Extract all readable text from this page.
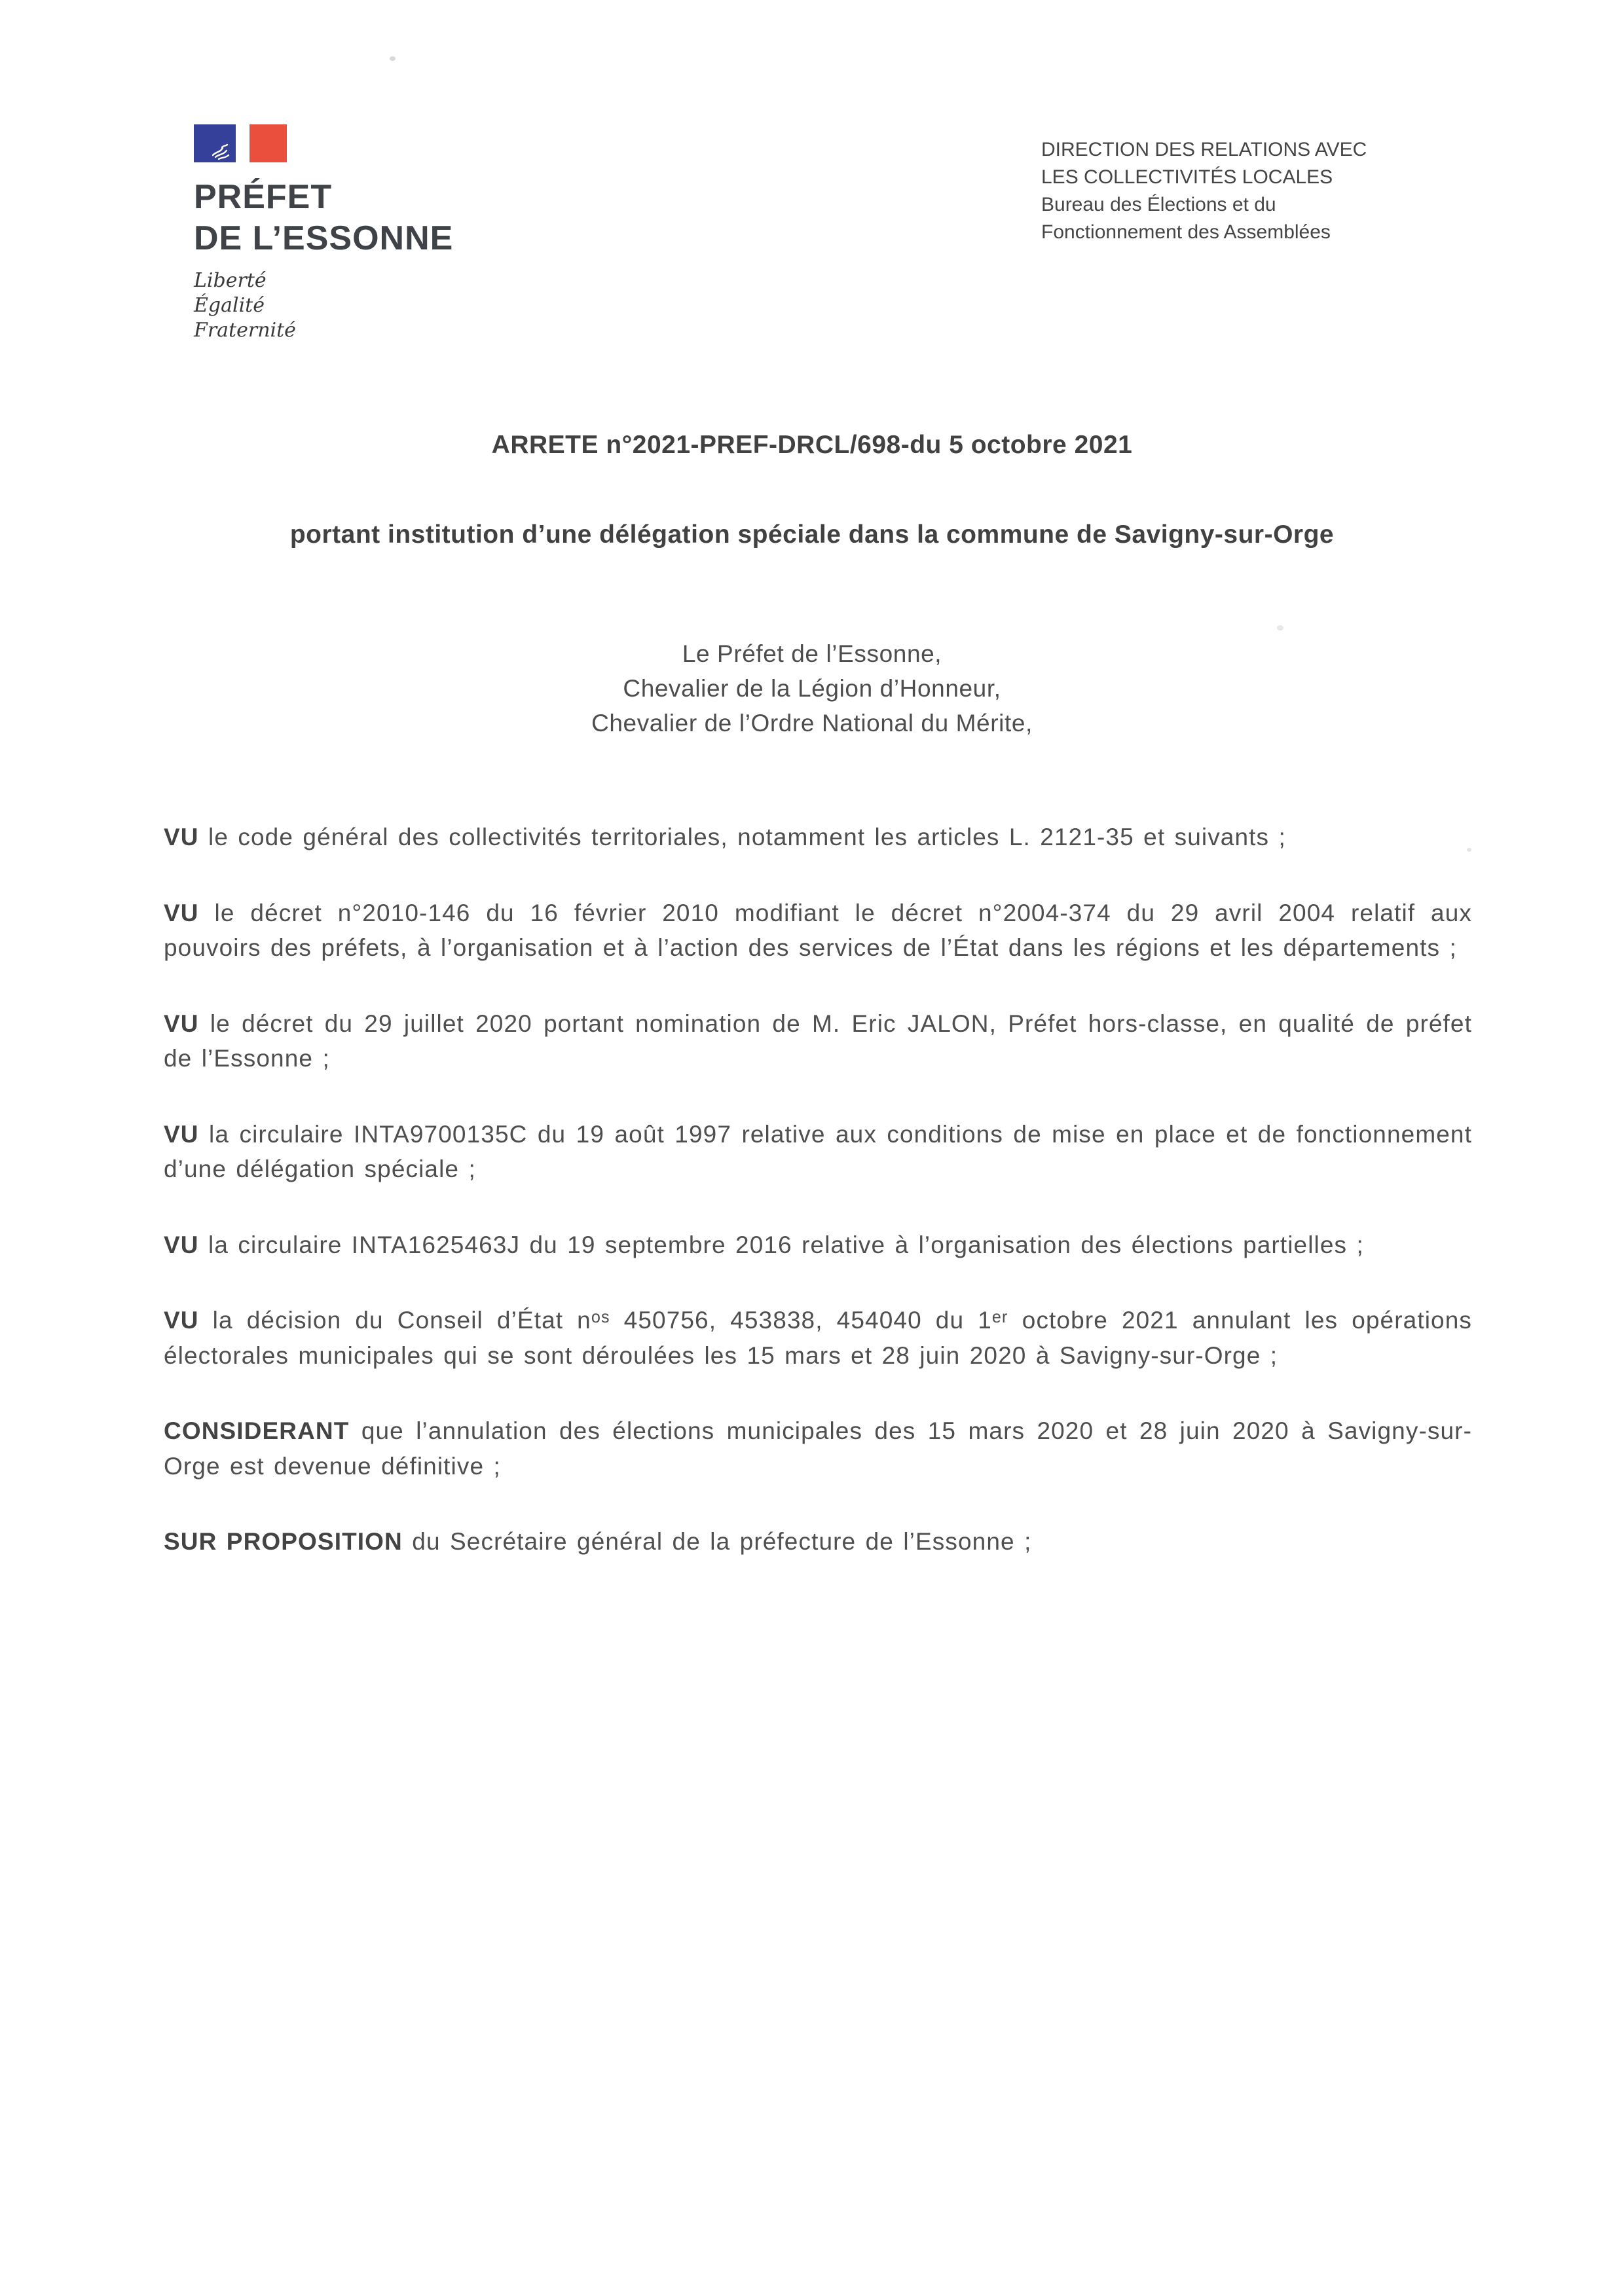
PRÉFET
DE L’ESSONNE
Liberté
Égalité
Fraternité
DIRECTION DES RELATIONS AVEC
LES COLLECTIVITÉS LOCALES
Bureau des Élections et du
Fonctionnement des Assemblées
ARRETE n°2021-PREF-DRCL/698-du 5 octobre 2021
portant institution d’une délégation spéciale dans la commune de Savigny-sur-Orge
Le Préfet de l’Essonne,
Chevalier de la Légion d’Honneur,
Chevalier de l’Ordre National du Mérite,

VU le code général des collectivités territoriales, notamment les articles L. 2121-35 et suivants ;

VU le décret n°2010-146 du 16 février 2010 modifiant le décret n°2004-374 du 29 avril 2004 relatif aux pouvoirs des préfets, à l’organisation et à l’action des services de l’État dans les régions et les départements ;

VU le décret du 29 juillet 2020 portant nomination de M. Eric JALON, Préfet hors-classe, en qualité de préfet de l’Essonne ;

VU la circulaire INTA9700135C du 19 août 1997 relative aux conditions de mise en place et de fonctionnement d’une délégation spéciale ;

VU la circulaire INTA1625463J du 19 septembre 2016 relative à l’organisation des élections partielles ;

VU la décision du Conseil d’État nᵒˢ 450756, 453838, 454040 du 1ᵉʳ octobre 2021 annulant les opérations électorales municipales qui se sont déroulées les 15 mars et 28 juin 2020 à Savigny-sur-Orge ;

CONSIDERANT que l’annulation des élections municipales des 15 mars 2020 et 28 juin 2020 à Savigny-sur-Orge est devenue définitive ;

SUR PROPOSITION du Secrétaire général de la préfecture de l’Essonne ;
